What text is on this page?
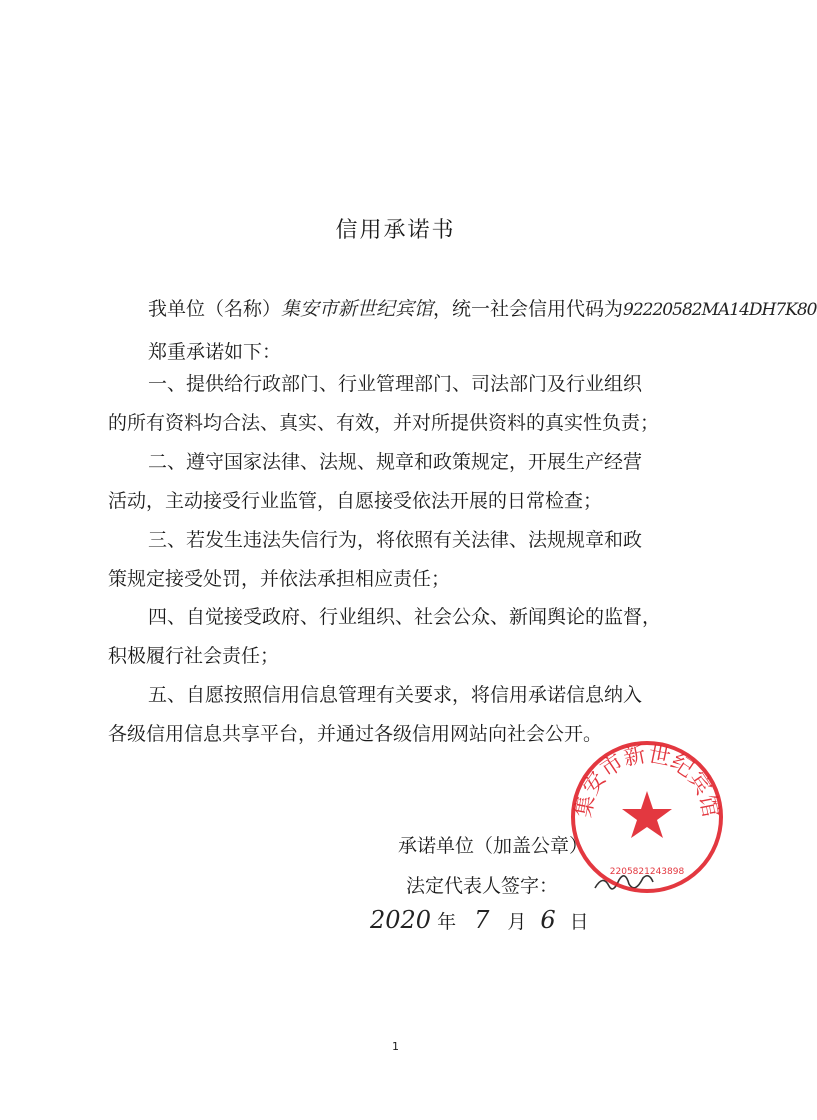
信用承诺书
我单位（名称）集安市新世纪宾馆，统一社会信用代码为92220582MA14DH7K80
郑重承诺如下：
一、提供给行政部门、行业管理部门、司法部门及行业组织
的所有资料均合法、真实、有效，并对所提供资料的真实性负责；
二、遵守国家法律、法规、规章和政策规定，开展生产经营
活动，主动接受行业监管，自愿接受依法开展的日常检查；
三、若发生违法失信行为，将依照有关法律、法规规章和政
策规定接受处罚，并依法承担相应责任；
四、自觉接受政府、行业组织、社会公众、新闻舆论的监督，
积极履行社会责任；
五、自愿按照信用信息管理有关要求，将信用承诺信息纳入
各级信用信息共享平台，并通过各级信用网站向社会公开。
承诺单位（加盖公章）
法定代表人签字：
2020 年 7 月 6 日
集安市新世纪宾馆
2205821243898
1
